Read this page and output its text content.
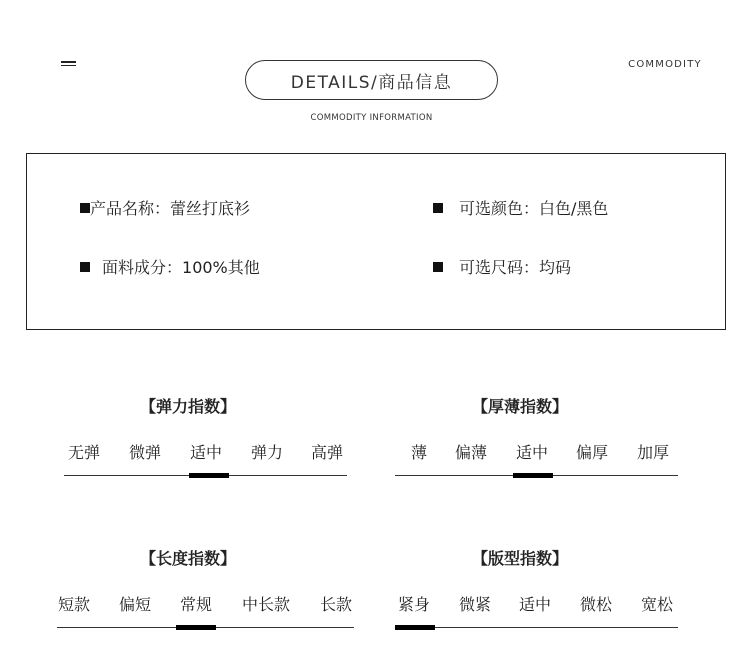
COMMODITY
DETAILS/商品信息
COMMODITY INFORMATION
产品名称： 蕾丝打底衫	可选颜色： 白色/黑色
面料成分： 100%其他	可选尺码： 均码
【弹力指数】
无弹 微弹 适中 弹力 高弹
【厚薄指数】
薄 偏薄 适中 偏厚 加厚
【长度指数】
短款 偏短 常规 中长款 长款
【版型指数】
紧身 微紧 适中 微松 宽松
